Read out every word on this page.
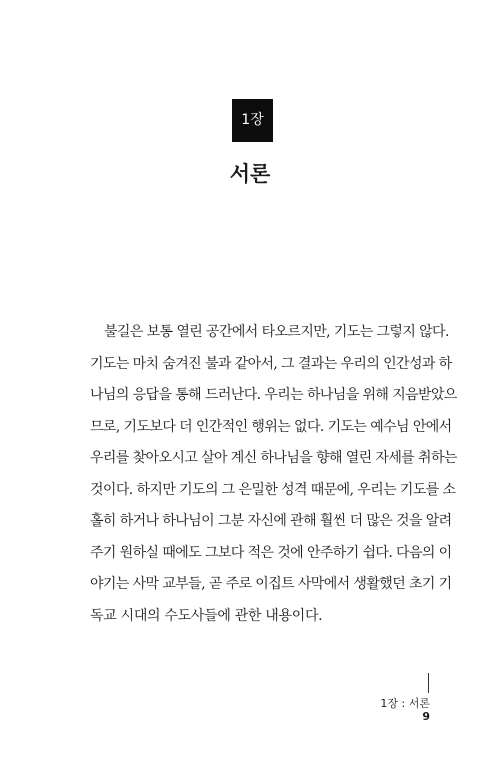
1장
서론
불길은 보통 열린 공간에서 타오르지만, 기도는 그렇지 않다.
기도는 마치 숨겨진 불과 같아서, 그 결과는 우리의 인간성과 하
나님의 응답을 통해 드러난다. 우리는 하나님을 위해 지음받았으
므로, 기도보다 더 인간적인 행위는 없다. 기도는 예수님 안에서
우리를 찾아오시고 살아 계신 하나님을 향해 열린 자세를 취하는
것이다. 하지만 기도의 그 은밀한 성격 때문에, 우리는 기도를 소
홀히 하거나 하나님이 그분 자신에 관해 훨씬 더 많은 것을 알려
주기 원하실 때에도 그보다 적은 것에 안주하기 쉽다. 다음의 이
야기는 사막 교부들, 곧 주로 이집트 사막에서 생활했던 초기 기
독교 시대의 수도사들에 관한 내용이다.
1장 : 서론
9
